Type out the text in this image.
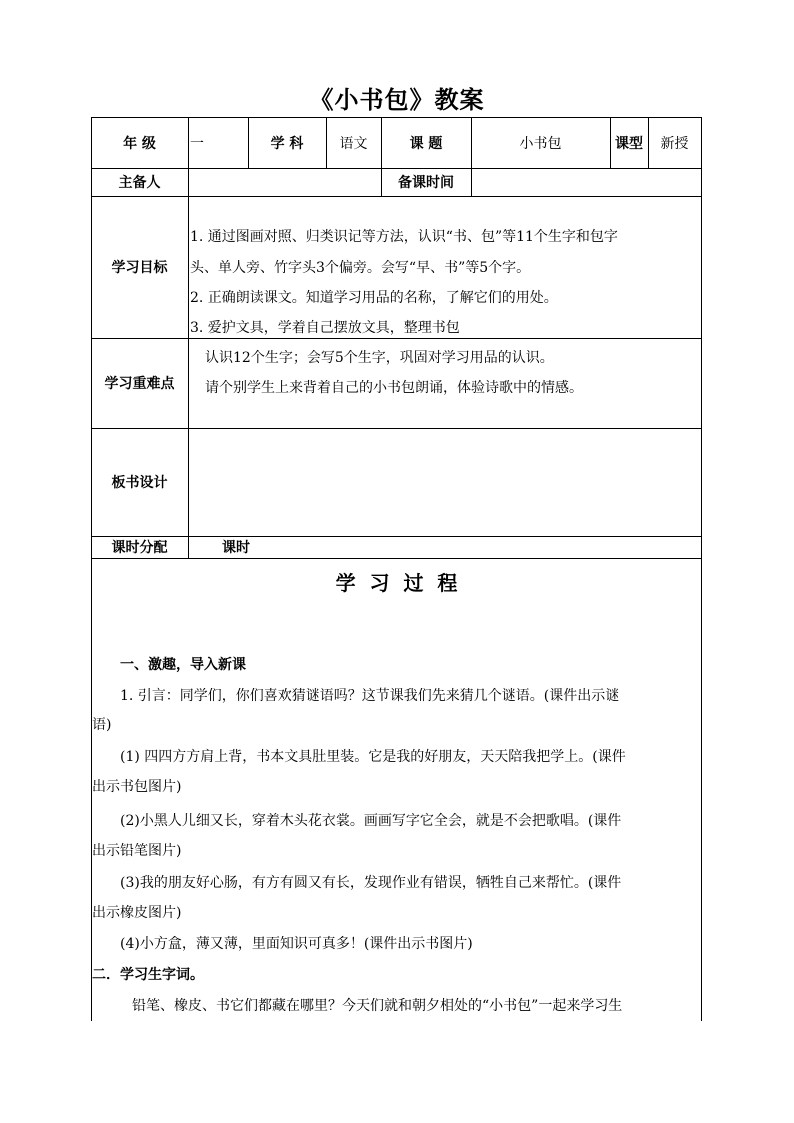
《小书包》教案
年 级	一	学 科	语文	课 题	小书包	课型	新授
主备人	备课时间
学习目标
1. 通过图画对照、归类识记等方法，认识“书、包”等11个生字和包字
头、单人旁、竹字头3个偏旁。会写“早、书”等5个字。
2. 正确朗读课文。知道学习用品的名称，了解它们的用处。
3. 爱护文具，学着自己摆放文具，整理书包
学习重难点
认识12个生字；会写5个生字，巩固对学习用品的认识。
请个别学生上来背着自己的小书包朗诵，体验诗歌中的情感。
板书设计
课时分配	课时
学  习  过  程
一、激趣，导入新课
1. 引言：同学们，你们喜欢猜谜语吗？这节课我们先来猜几个谜语。(课件出示谜
语)
(1) 四四方方肩上背，书本文具肚里装。它是我的好朋友，天天陪我把学上。(课件
出示书包图片)
(2)小黑人儿细又长，穿着木头花衣裳。画画写字它全会，就是不会把歌唱。(课件
出示铅笔图片)
(3)我的朋友好心肠，有方有圆又有长，发现作业有错误，牺牲自己来帮忙。(课件
出示橡皮图片)
(4)小方盒，薄又薄，里面知识可真多！(课件出示书图片)
二．学习生字词。
铅笔、橡皮、书它们都藏在哪里？今天们就和朝夕相处的“小书包”一起来学习生
